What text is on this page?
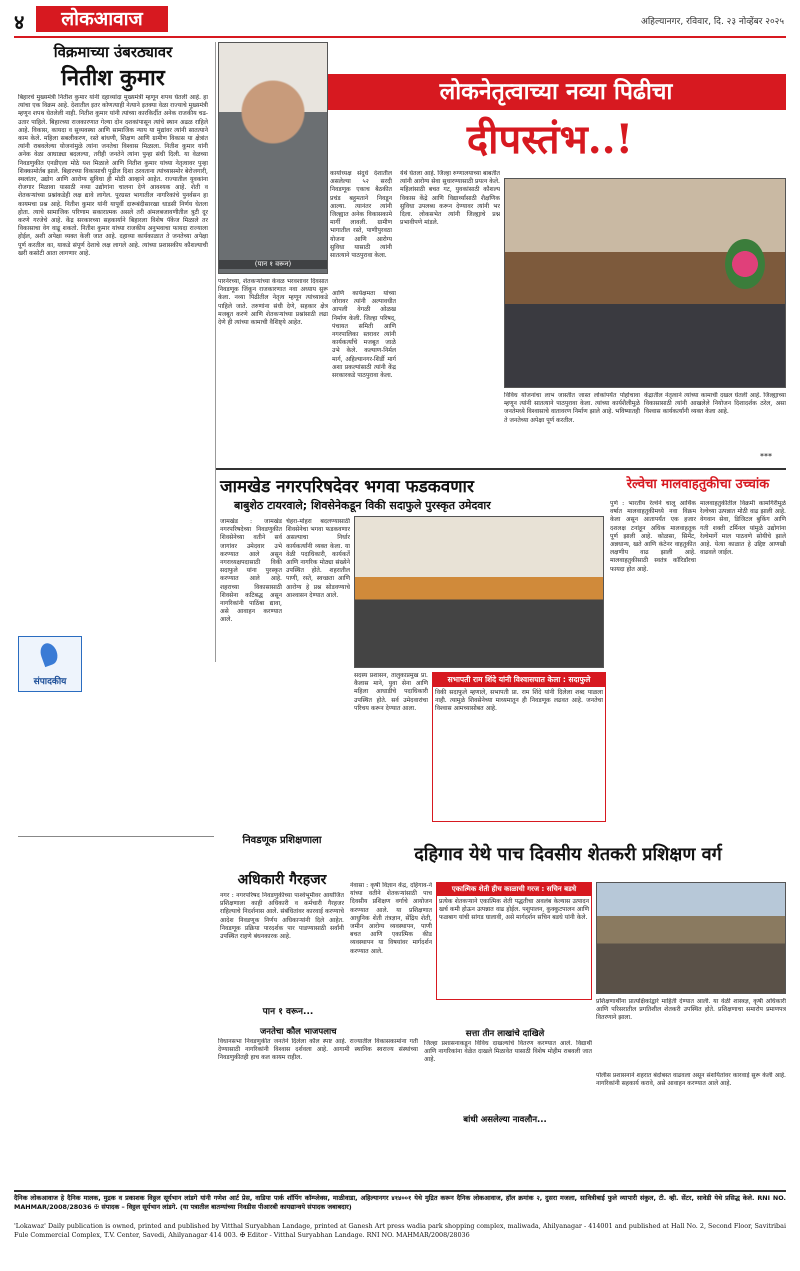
४	लोकआवाज	अहिल्यानगर, रविवार, दि. २३ नोव्हेंबर २०२५
विक्रमाच्या उंबरठ्यावर
नितीश कुमार
बिहारचे मुख्यमंत्री नितीश कुमार यांनी दहाव्यांदा मुख्यमंत्री म्हणून शपथ घेतली आहे. हा त्यांचा एक विक्रम आहे. देशातील इतर कोणत्याही नेत्याने इतक्या वेळा राज्याचे मुख्यमंत्री म्हणून शपथ घेतलेली नाही. नितीश कुमार यांनी त्यांच्या कारकिर्दीत अनेक राजकीय चढ-उतार पाहिले. बिहारच्या राजकारणात गेल्या दोन दशकांपासून त्यांचे स्थान अढळ राहिले आहे. विकास, कायदा व सुव्यवस्था आणि सामाजिक न्याय या मुद्यांवर त्यांनी सातत्याने काम केले. महिला सबलीकरण, रस्ते बांधणी, शिक्षण आणि ग्रामीण विकास या क्षेत्रांत त्यांनी राबवलेल्या योजनांमुळे त्यांना जनतेचा विश्वास मिळाला. नितीश कुमार यांनी अनेक वेळा आघाड्या बदलल्या, तरीही जनतेने त्यांना पुन्हा संधी दिली. या वेळच्या निवडणुकीत एनडीएला मोठे यश मिळाले आणि नितीश कुमार यांच्या नेतृत्वावर पुन्हा शिक्कामोर्तब झाले. बिहारच्या विकासाची पुढील दिशा ठरवताना त्यांच्यासमोर बेरोजगारी, स्थलांतर, उद्योग आणि आरोग्य सुविधा ही मोठी आव्हाने आहेत. राज्यातील युवकांना रोजगार मिळावा यासाठी नव्या उद्योगांना चालना देणे आवश्यक आहे. शेती व शेतकऱ्यांच्या प्रश्नांकडेही लक्ष द्यावे लागेल. पूरग्रस्त भागातील नागरिकांचे पुनर्वसन हा कायमचा प्रश्न आहे. नितीश कुमार यांनी यापूर्वी दारूबंदीसारखा धाडसी निर्णय घेतला होता. त्याचे सामाजिक परिणाम सकारात्मक असले तरी अंमलबजावणीतील त्रुटी दूर करणे गरजेचे आहे. केंद्र सरकारच्या सहकार्याने बिहारला विशेष पॅकेज मिळाले तर विकासाचा वेग वाढू शकतो. नितीश कुमार यांच्या राजकीय अनुभवाचा फायदा राज्याला होईल, अशी अपेक्षा व्यक्त केली जात आहे. दहाव्या कार्यकाळात ते जनतेच्या अपेक्षा पूर्ण करतील का, याकडे संपूर्ण देशाचे लक्ष लागले आहे. त्यांच्या प्रशासकीय कौशल्याची खरी कसोटी आता लागणार आहे.
लोकनेतृत्वाच्या नव्या पिढीचा
दीपस्तंभ..!
(पान १ वरून)
कार्याध्यक्ष संदुर्ध देशातील असलेल्या ५२ सरदी निवडणूक एकाच बैठकीत प्रचंड बहुमताने निवडून आल्या. त्यानंतर त्यांनी जिल्ह्यात अनेक विकासकामे मार्गी लावली. ग्रामीण भागातील रस्ते, पाणीपुरवठा योजना आणि आरोग्य सुविधा यासाठी त्यांनी सातत्याने पाठपुरावा केला.
पारनेरच्या, शेतकऱ्यांच्या केवळ भरवशावर दिवसात निवडणूक जिंकून राजकारणात नवा अध्याय सुरू केला. नव्या पिढीतील नेतृत्व म्हणून त्यांच्याकडे पाहिले जाते. तरुणांना संधी देणे, सहकार क्षेत्र मजबूत करणे आणि शेतकऱ्यांच्या प्रश्नांसाठी लढा देणे ही त्यांच्या कामाची वैशिष्ट्ये आहेत.
आणि कार्यक्षमता यांच्या जोरावर त्यांनी अल्पावधीत आपली वेगळी ओळख निर्माण केली. जिल्हा परिषद, पंचायत समिती आणि नगरपालिका स्तरावर त्यांनी कार्यकर्त्यांचे मजबूत जाळे उभे केले. कल्याण-निर्मल मार्ग, अहिल्यानगर-शिर्डी मार्ग अशा प्रकल्पांसाठी त्यांनी केंद्र सरकारकडे पाठपुरावा केला.
येथे घेतला आहे. जिल्हा रुग्णालयाच्या बाबतीत त्यांनी आरोग्य सेवा सुधारण्यासाठी प्रयत्न केले. महिलांसाठी बचत गट, युवकांसाठी कौशल्य विकास केंद्रे आणि विद्यार्थ्यांसाठी शैक्षणिक सुविधा उपलब्ध करून देण्यावर त्यांनी भर दिला. लोकसभेत त्यांनी जिल्ह्याचे प्रश्न प्रभावीपणे मांडले.
विविध योजनांचा लाभ जास्तीत जास्त लोकांपर्यंत पोहोचावा म्हणून त्यांनी सातत्याने पाठपुरावा केला. त्यांच्या कार्यशैलीमुळे जनतेमध्ये विश्वासाचे वातावरण निर्माण झाले आहे. भविष्यातही ते जनतेच्या अपेक्षा पूर्ण करतील.
केंद्रातील नेतृत्वाने त्यांच्या कामाची दखल घेतली आहे. जिल्ह्याच्या विकासासाठी त्यांनी आखलेले नियोजन दिशादर्शक ठरेल, असा विश्वास कार्यकर्त्यांनी व्यक्त केला आहे.
***
जामखेड नगरपरिषदेवर भगवा फडकवणार
बाबुशेठ टायरवाले; शिवसेनेकडून विकी सदाफुले पुरस्कृत उमेदवार
जामखेड : जामखेड नगरपरिषदेच्या निवडणुकीत शिवसेनेच्या वतीने सर्व जागांवर उमेदवार उभे करण्यात आले असून नगराध्यक्षपदासाठी विकी सदाफुले यांना पुरस्कृत करण्यात आले आहे. शहराच्या विकासासाठी शिवसेना कटिबद्ध असून नागरिकांनी पाठिंबा द्यावा, असे आवाहन करण्यात आले.
चेहरा-मोहरा बदलण्यासाठी शिवसेनेचा भगवा फडकवणार असल्याचा निर्धार कार्यकर्त्यांनी व्यक्त केला. या वेळी पदाधिकारी, कार्यकर्ते आणि नागरिक मोठ्या संख्येने उपस्थित होते. शहरातील पाणी, रस्ते, स्वच्छता आणि आरोग्य हे प्रश्न सोडवण्याचे आश्वासन देण्यात आले.
सदस्य प्रशासन, तालुकाप्रमुख प्रा. कैलास माने, युवा सेना आणि महिला आघाडीचे पदाधिकारी उपस्थित होते. सर्व उमेदवारांचा परिचय करून देण्यात आला.
सभापती राम शिंदे यांनी विश्वासघात केला : सदाफुले
विकी सदाफुले म्हणाले, सभापती प्रा. राम शिंदे यांनी दिलेला शब्द पाळला नाही. त्यामुळे शिवसेनेच्या माध्यमातून ही निवडणूक लढवत आहे. जनतेचा विश्वास आमच्यासोबत आहे.
रेल्वेचा मालवाहतुकीचा उच्चांक
पुणे : भारतीय रेल्वेने चालू आर्थिक वर्षात मालवाहतुकीमध्ये नवा विक्रम केला असून आतापर्यंत एक हजार दशलक्ष टनांहून अधिक मालवाहतूक पूर्ण झाली आहे. कोळसा, सिमेंट, अन्नधान्य, खते आणि कंटेनर वाहतुकीत लक्षणीय वाढ झाली आहे. मालवाहतुकीसाठी स्वतंत्र कॉरिडॉरचा फायदा होत आहे.
मालवाहतुकीतील विक्रमी कामगिरीमुळे रेल्वेच्या उत्पन्नात मोठी वाढ झाली आहे. वेगवान सेवा, डिजिटल बुकिंग आणि गती शक्ती टर्मिनल यांमुळे उद्योगांना रेल्वेमार्गे माल पाठवणे सोयीचे झाले आहे. येत्या काळात हे उद्दिष्ट आणखी वाढवले जाईल.
संपादकीय
निवडणूक प्रशिक्षणाला
अधिकारी गैरहजर
नगर : नगरपरिषद निवडणुकीच्या पार्श्वभूमीवर आयोजित प्रशिक्षणाला काही अधिकारी व कर्मचारी गैरहजर राहिल्याचे निदर्शनास आले. संबंधितांवर कारवाई करण्याचे आदेश निवडणूक निर्णय अधिकाऱ्यांनी दिले आहेत. निवडणूक प्रक्रिया पारदर्शक पार पाडण्यासाठी सर्वांनी उपस्थित राहणे बंधनकारक आहे.
दहिगाव येथे पाच दिवसीय शेतकरी प्रशिक्षण वर्ग
नेवासा : कृषी विज्ञान केंद्र, दहिगाव-ने यांच्या वतीने शेतकऱ्यांसाठी पाच दिवसीय प्रशिक्षण वर्गाचे आयोजन करण्यात आले. या प्रशिक्षणात आधुनिक शेती तंत्रज्ञान, सेंद्रिय शेती, जमीन आरोग्य व्यवस्थापन, पाणी बचत आणि एकात्मिक कीड व्यवस्थापन या विषयांवर मार्गदर्शन करण्यात आले.
एकात्मिक शेती हीच काळाची गरज : सचिन बडधे
प्रत्येक शेतकऱ्याने एकात्मिक शेती पद्धतीचा अवलंब केल्यास उत्पादन खर्च कमी होऊन उत्पन्नात वाढ होईल. पशुपालन, कुक्कुटपालन आणि फळबाग यांची सांगड घालावी, असे मार्गदर्शन सचिन बडधे यांनी केले.
प्रशिक्षणार्थींना प्रात्यक्षिकांद्वारे माहिती देण्यात आली. या वेळी शास्त्रज्ञ, कृषी अधिकारी आणि परिसरातील प्रगतिशील शेतकरी उपस्थित होते. प्रशिक्षणाचा समारोप प्रमाणपत्र वितरणाने झाला.
पान १ वरून...
जनतेचा कौल भाजपलाच
विधानसभा निवडणुकीत जनतेने दिलेला कौल स्पष्ट आहे. राज्यातील विकासकामांना गती देण्यासाठी नागरिकांनी विश्वास दर्शवला आहे. आगामी स्थानिक स्वराज्य संस्थांच्या निवडणुकीतही हाच कल कायम राहील.
सत्ता तीन लाखांचे दाखिले
जिल्हा प्रशासनाकडून विविध दाखल्यांचे वितरण करण्यात आले. विद्यार्थी आणि नागरिकांना वेळेत दाखले मिळावेत यासाठी विशेष मोहीम राबवली जात आहे.
बांधी असलेल्या नावलौन...
पोलीस प्रशासनाने शहरात बंदोबस्त वाढवला असून संशयितांवर कारवाई सुरू केली आहे. नागरिकांनी सहकार्य करावे, असे आवाहन करण्यात आले आहे.
दैनिक लोकआवाज हे दैनिक मालक, मुद्रक व प्रकाशक विठ्ठल सूर्यभान लांडगे यांनी गणेश आर्ट प्रेस, वाडिया पार्क शॉपिंग कॉम्प्लेक्स, माळीवाडा, अहिल्यानगर ४१४००१ येथे मुद्रित करून दैनिक लोकआवाज, हॉल क्रमांक २, दुसरा मजला, सावित्रीबाई फुले व्यापारी संकुल, टी. व्ही. सेंटर, सावेडी येथे प्रसिद्ध केले. RNI NO. MAHMAR/2008/28036 ✠ संपादक – विठ्ठल सूर्यभान लांडगे. (या पत्रातील बातम्यांच्या निवडीस पीआरबी कायद्यान्वये संपादक जबाबदार)
'Lokawaz' Daily publication is owned, printed and published by Vitthal Suryabhan Landage, printed at Ganesh Art press wadia park shopping complex, maliwada, Ahilyanagar - 414001 and published at Hall No. 2, Second Floor, Savitribai Fule Commercial Complex, T.V. Center, Savedi, Ahilyanagar 414 003. ✠ Editor - Vitthal Suryabhan Landage. RNI NO. MAHMAR/2008/28036
